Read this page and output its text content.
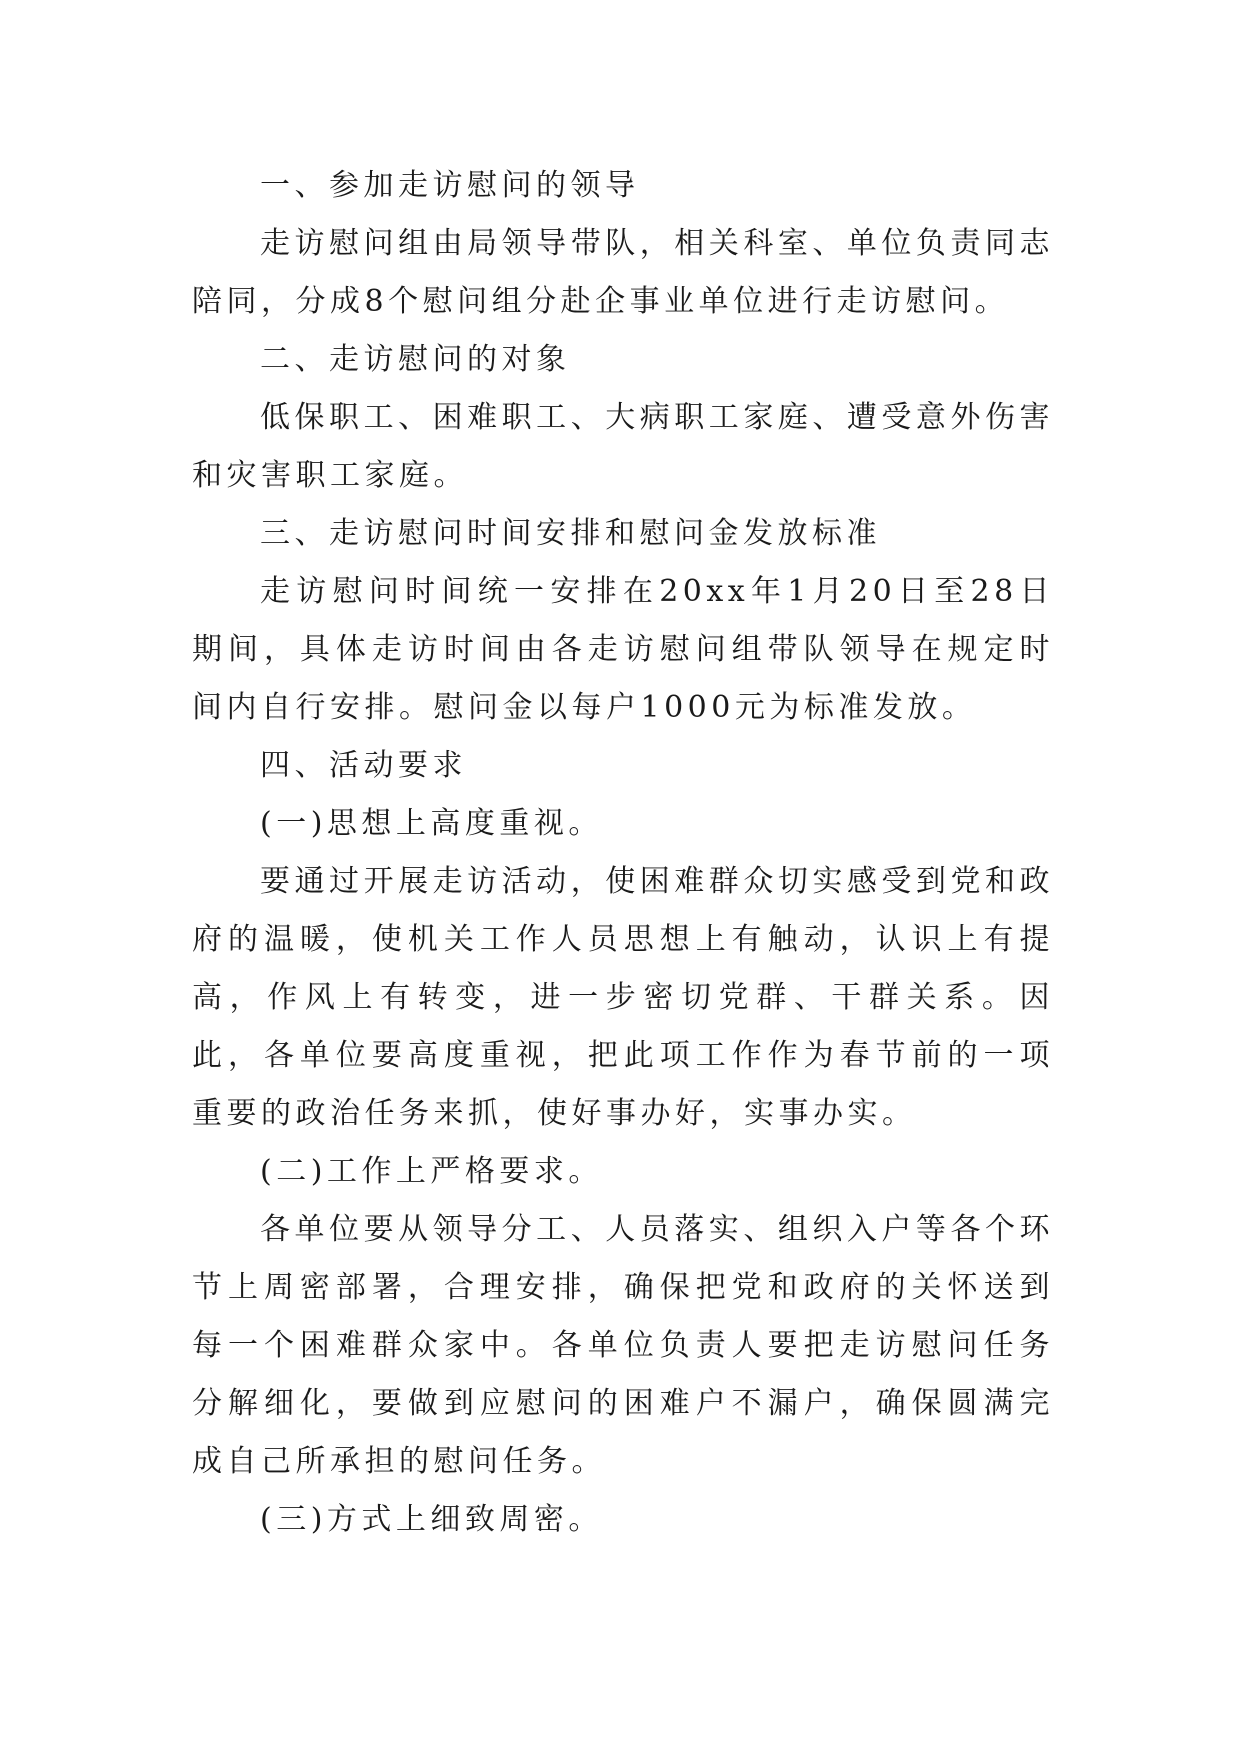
一、参加走访慰问的领导

走访慰问组由局领导带队，相关科室、单位负责同志陪同，分成8个慰问组分赴企事业单位进行走访慰问。

二、走访慰问的对象

低保职工、困难职工、大病职工家庭、遭受意外伤害和灾害职工家庭。

三、走访慰问时间安排和慰问金发放标准

走访慰问时间统一安排在20xx年1月20日至28日期间，具体走访时间由各走访慰问组带队领导在规定时间内自行安排。慰问金以每户1000元为标准发放。

四、活动要求

(一)思想上高度重视。

要通过开展走访活动，使困难群众切实感受到党和政府的温暖，使机关工作人员思想上有触动，认识上有提高，作风上有转变，进一步密切党群、干群关系。因此，各单位要高度重视，把此项工作作为春节前的一项重要的政治任务来抓，使好事办好，实事办实。

(二)工作上严格要求。

各单位要从领导分工、人员落实、组织入户等各个环节上周密部署，合理安排，确保把党和政府的关怀送到每一个困难群众家中。各单位负责人要把走访慰问任务分解细化，要做到应慰问的困难户不漏户，确保圆满完成自己所承担的慰问任务。

(三)方式上细致周密。
